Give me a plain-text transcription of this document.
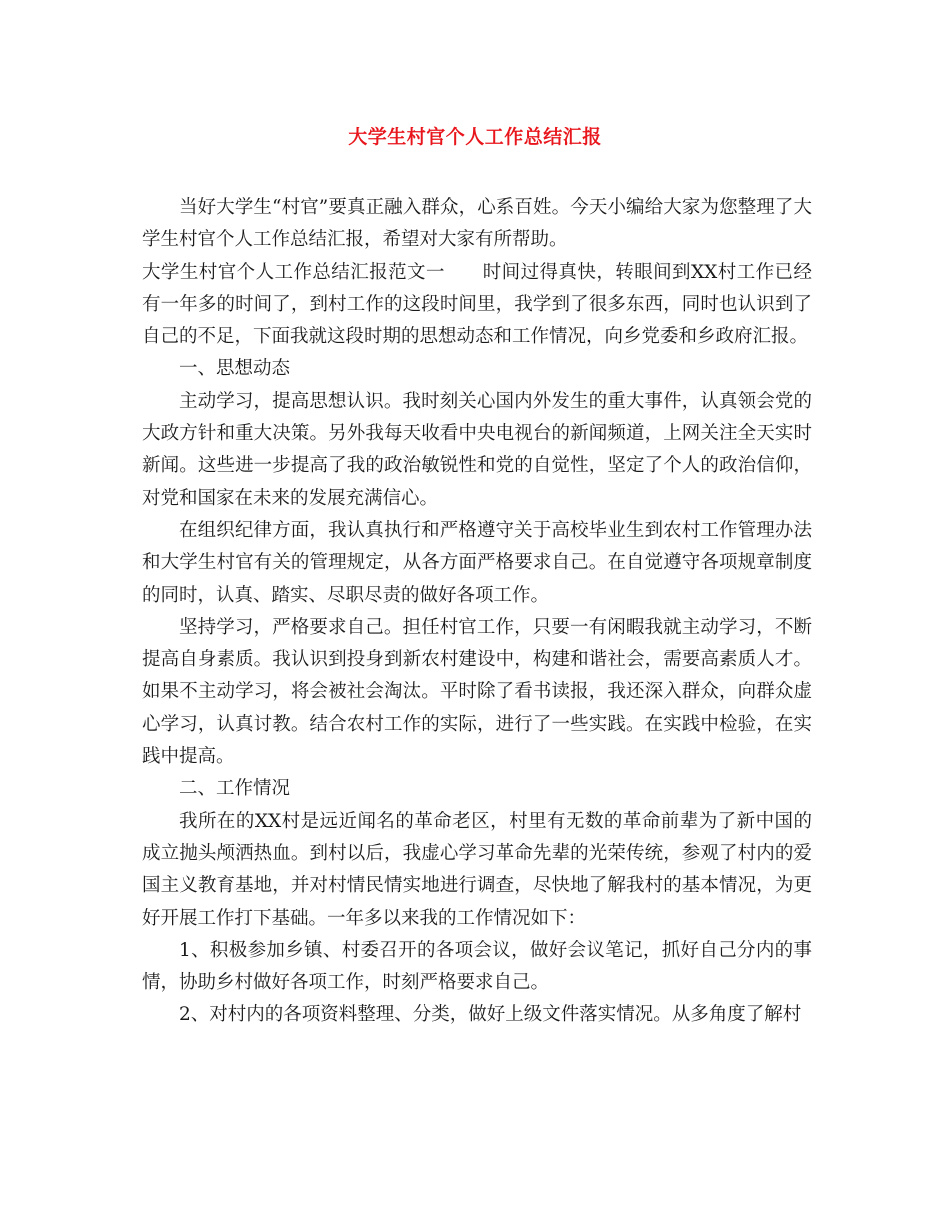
大学生村官个人工作总结汇报

当好大学生“村官”要真正融入群众，心系百姓。今天小编给大家为您整理了大学生村官个人工作总结汇报，希望对大家有所帮助。

大学生村官个人工作总结汇报范文一　　时间过得真快，转眼间到XX村工作已经有一年多的时间了，到村工作的这段时间里，我学到了很多东西，同时也认识到了自己的不足，下面我就这段时期的思想动态和工作情况，向乡党委和乡政府汇报。

一、思想动态

主动学习，提高思想认识。我时刻关心国内外发生的重大事件，认真领会党的大政方针和重大决策。另外我每天收看中央电视台的新闻频道，上网关注全天实时新闻。这些进一步提高了我的政治敏锐性和党的自觉性，坚定了个人的政治信仰，对党和国家在未来的发展充满信心。

在组织纪律方面，我认真执行和严格遵守关于高校毕业生到农村工作管理办法和大学生村官有关的管理规定，从各方面严格要求自己。在自觉遵守各项规章制度的同时，认真、踏实、尽职尽责的做好各项工作。

坚持学习，严格要求自己。担任村官工作，只要一有闲暇我就主动学习，不断提高自身素质。我认识到投身到新农村建设中，构建和谐社会，需要高素质人才。如果不主动学习，将会被社会淘汰。平时除了看书读报，我还深入群众，向群众虚心学习，认真讨教。结合农村工作的实际，进行了一些实践。在实践中检验，在实践中提高。

二、工作情况

我所在的XX村是远近闻名的革命老区，村里有无数的革命前辈为了新中国的成立抛头颅洒热血。到村以后，我虚心学习革命先辈的光荣传统，参观了村内的爱国主义教育基地，并对村情民情实地进行调查，尽快地了解我村的基本情况，为更好开展工作打下基础。一年多以来我的工作情况如下：

1、积极参加乡镇、村委召开的各项会议，做好会议笔记，抓好自己分内的事情，协助乡村做好各项工作，时刻严格要求自己。

2、对村内的各项资料整理、分类，做好上级文件落实情况。从多角度了解村
